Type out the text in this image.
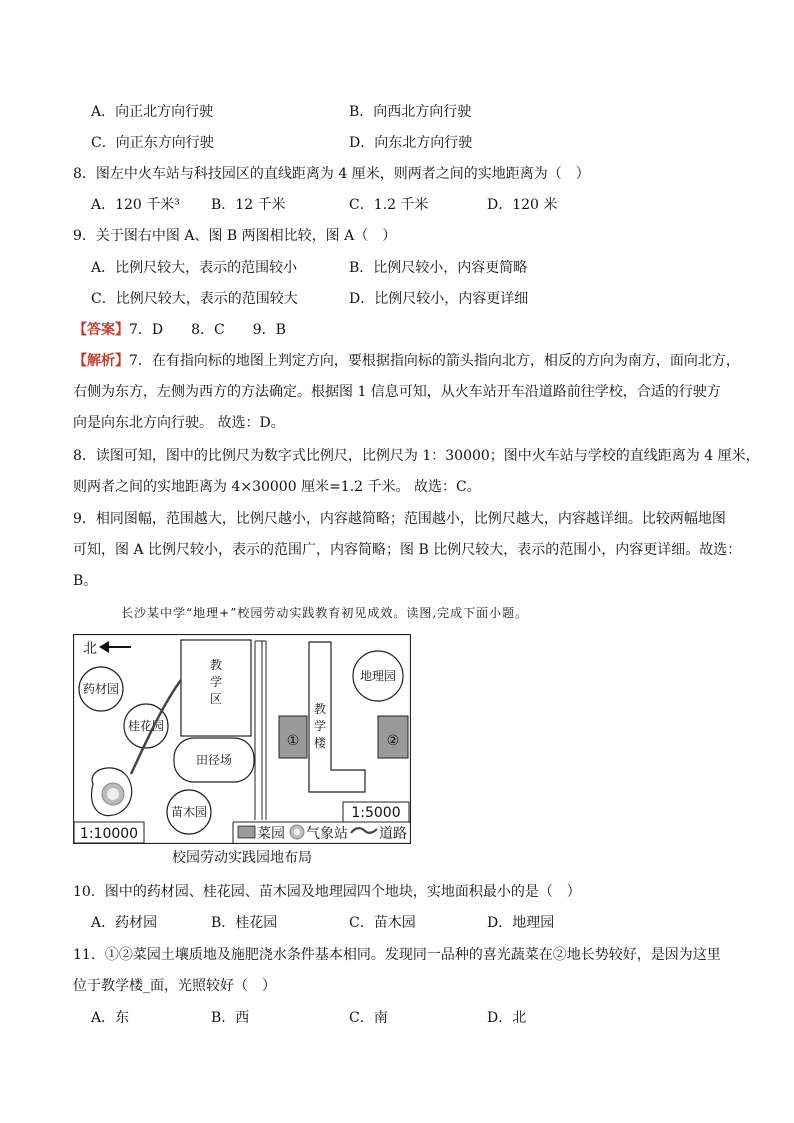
A．向正北方向行驶	B．向西北方向行驶
C．向正东方向行驶	D．向东北方向行驶
8．图左中火车站与科技园区的直线距离为 4 厘米，则两者之间的实地距离为（　）
A．120 千米³ B．12 千米	C．1.2 千米	D．120 米
9．关于图右中图 A、图 B 两图相比较，图 A（　）
A．比例尺较大，表示的范围较小	B．比例尺较小，内容更简略
C．比例尺较大，表示的范围较大	D．比例尺较小，内容更详细
【答案】7．D　　8．C　　9．B
【解析】7．在有指向标的地图上判定方向，要根据指向标的箭头指向北方，相反的方向为南方，面向北方，
右侧为东方，左侧为西方的方法确定。根据图 1 信息可知，从火车站开车沿道路前往学校，合适的行驶方
向是向东北方向行驶。 故选：D。
8．读图可知，图中的比例尺为数字式比例尺，比例尺为 1：30000；图中火车站与学校的直线距离为 4 厘米，
则两者之间的实地距离为 4×30000 厘米=1.2 千米。 故选：C。
9．相同图幅，范围越大，比例尺越小，内容越简略；范围越小，比例尺越大，内容越详细。比较两幅地图
可知，图 A 比例尺较小，表示的范围广，内容简略；图 B 比例尺较大，表示的范围小，内容更详细。故选：
B。
长沙某中学“地理+”校园劳动实践教育初见成效。读图,完成下面小题。
北
教
学
区
药材园
桂花园
田径场
苗木园
①
教
学
楼
地理园
②
1:5000
1:10000	菜园 气象站 道路
校园劳动实践园地布局
10．图中的药材园、桂花园、苗木园及地理园四个地块，实地面积最小的是（　）
A．药材园	B．桂花园	C．苗木园	D．地理园
11．①②菜园土壤质地及施肥浇水条件基本相同。发现同一品种的喜光蔬菜在②地长势较好，是因为这里
位于教学楼_面，光照较好（　）
A．东	B．西	C．南	D．北
